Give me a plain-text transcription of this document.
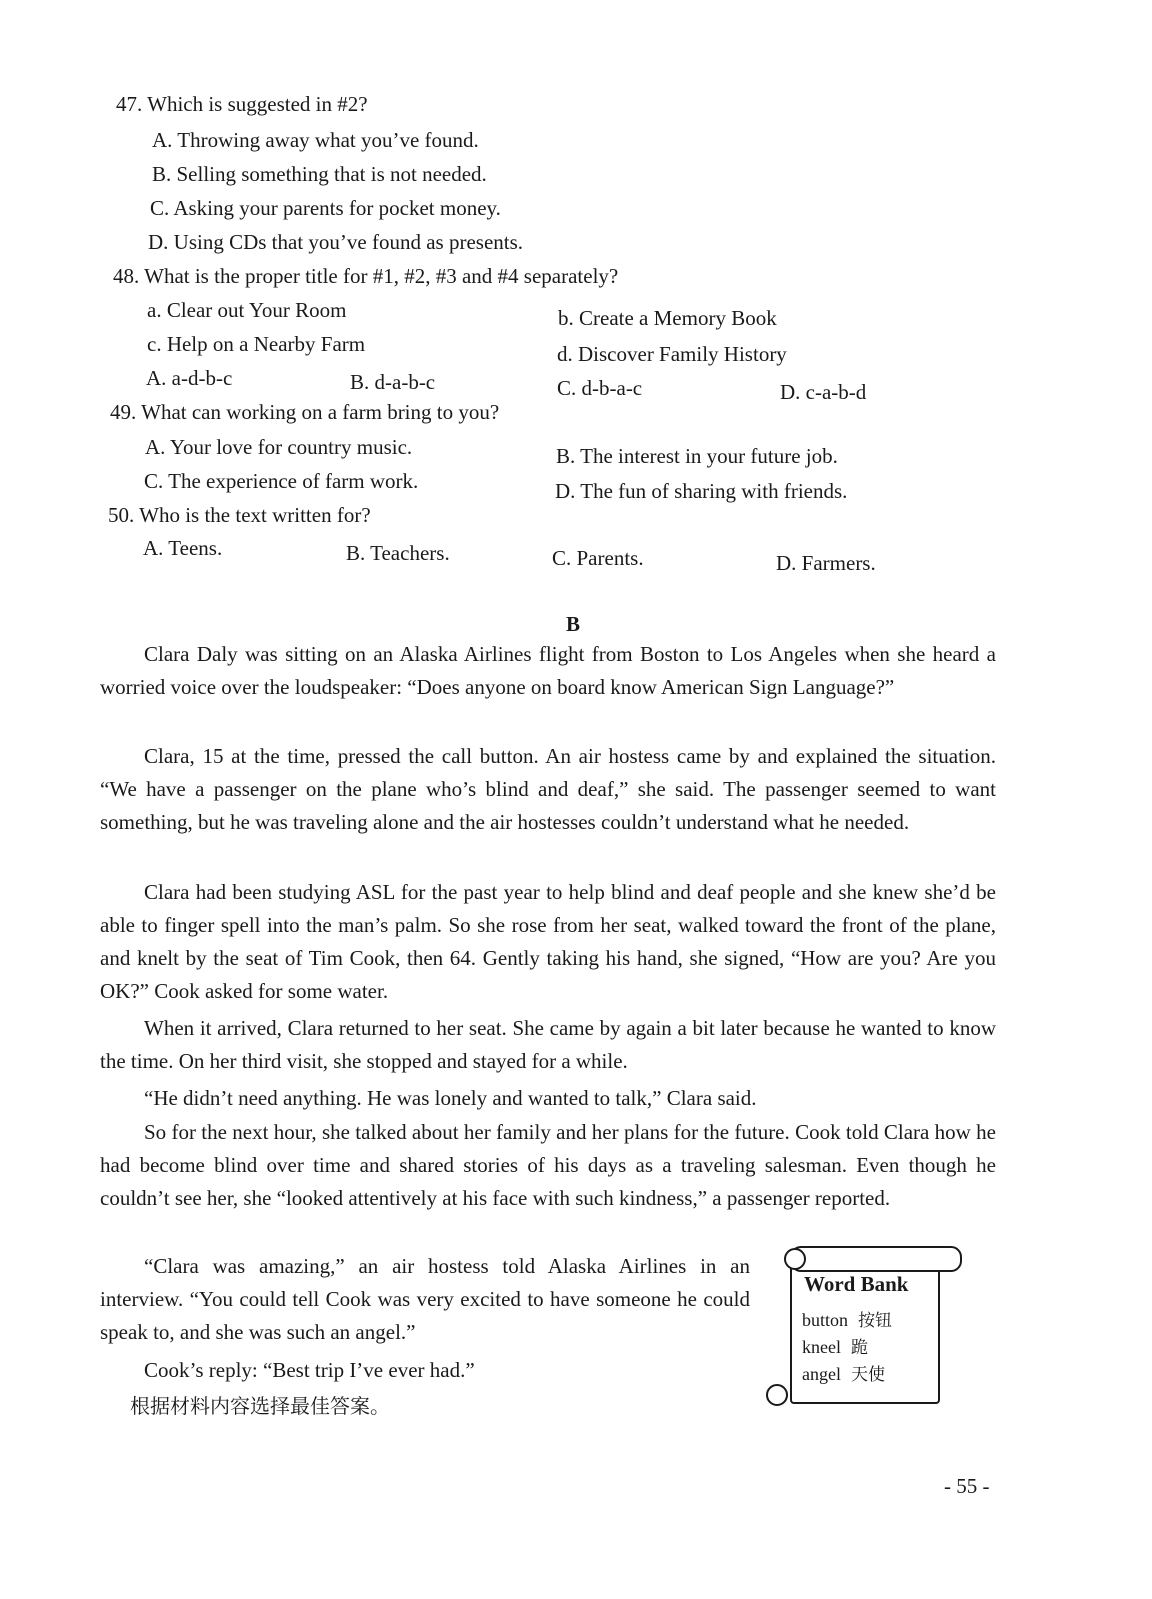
47. Which is suggested in #2?
A. Throwing away what you’ve found.
B. Selling something that is not needed.
C. Asking your parents for pocket money.
D. Using CDs that you’ve found as presents.
48. What is the proper title for #1, #2, #3 and #4 separately?
a. Clear out Your Room	b. Create a Memory Book
c. Help on a Nearby Farm	d. Discover Family History
A. a-d-b-c	B. d-a-b-c	C. d-b-a-c	D. c-a-b-d
49. What can working on a farm bring to you?
A. Your love for country music.	B. The interest in your future job.
C. The experience of farm work.	D. The fun of sharing with friends.
50. Who is the text written for?
A. Teens.	B. Teachers.	C. Parents.	D. Farmers.
B
Clara Daly was sitting on an Alaska Airlines flight from Boston to Los Angeles when she heard a worried voice over the loudspeaker: “Does anyone on board know American Sign Language?”
Clara, 15 at the time, pressed the call button. An air hostess came by and explained the situation. “We have a passenger on the plane who’s blind and deaf,” she said. The passenger seemed to want something, but he was traveling alone and the air hostesses couldn’t understand what he needed.
Clara had been studying ASL for the past year to help blind and deaf people and she knew she’d be able to finger spell into the man’s palm. So she rose from her seat, walked toward the front of the plane, and knelt by the seat of Tim Cook, then 64. Gently taking his hand, she signed, “How are you? Are you OK?” Cook asked for some water.
When it arrived, Clara returned to her seat. She came by again a bit later because he wanted to know the time. On her third visit, she stopped and stayed for a while.
“He didn’t need anything. He was lonely and wanted to talk,” Clara said.
So for the next hour, she talked about her family and her plans for the future. Cook told Clara how he had become blind over time and shared stories of his days as a traveling salesman. Even though he couldn’t see her, she “looked attentively at his face with such kindness,” a passenger reported.
“Clara was amazing,” an air hostess told Alaska Airlines in an interview. “You could tell Cook was very excited to have someone he could speak to, and she was such an angel.”
Cook’s reply: “Best trip I’ve ever had.”
根据材料内容选择最佳答案。
Word Bank
button 按钮
kneel 跪
angel 天使
- 55 -
